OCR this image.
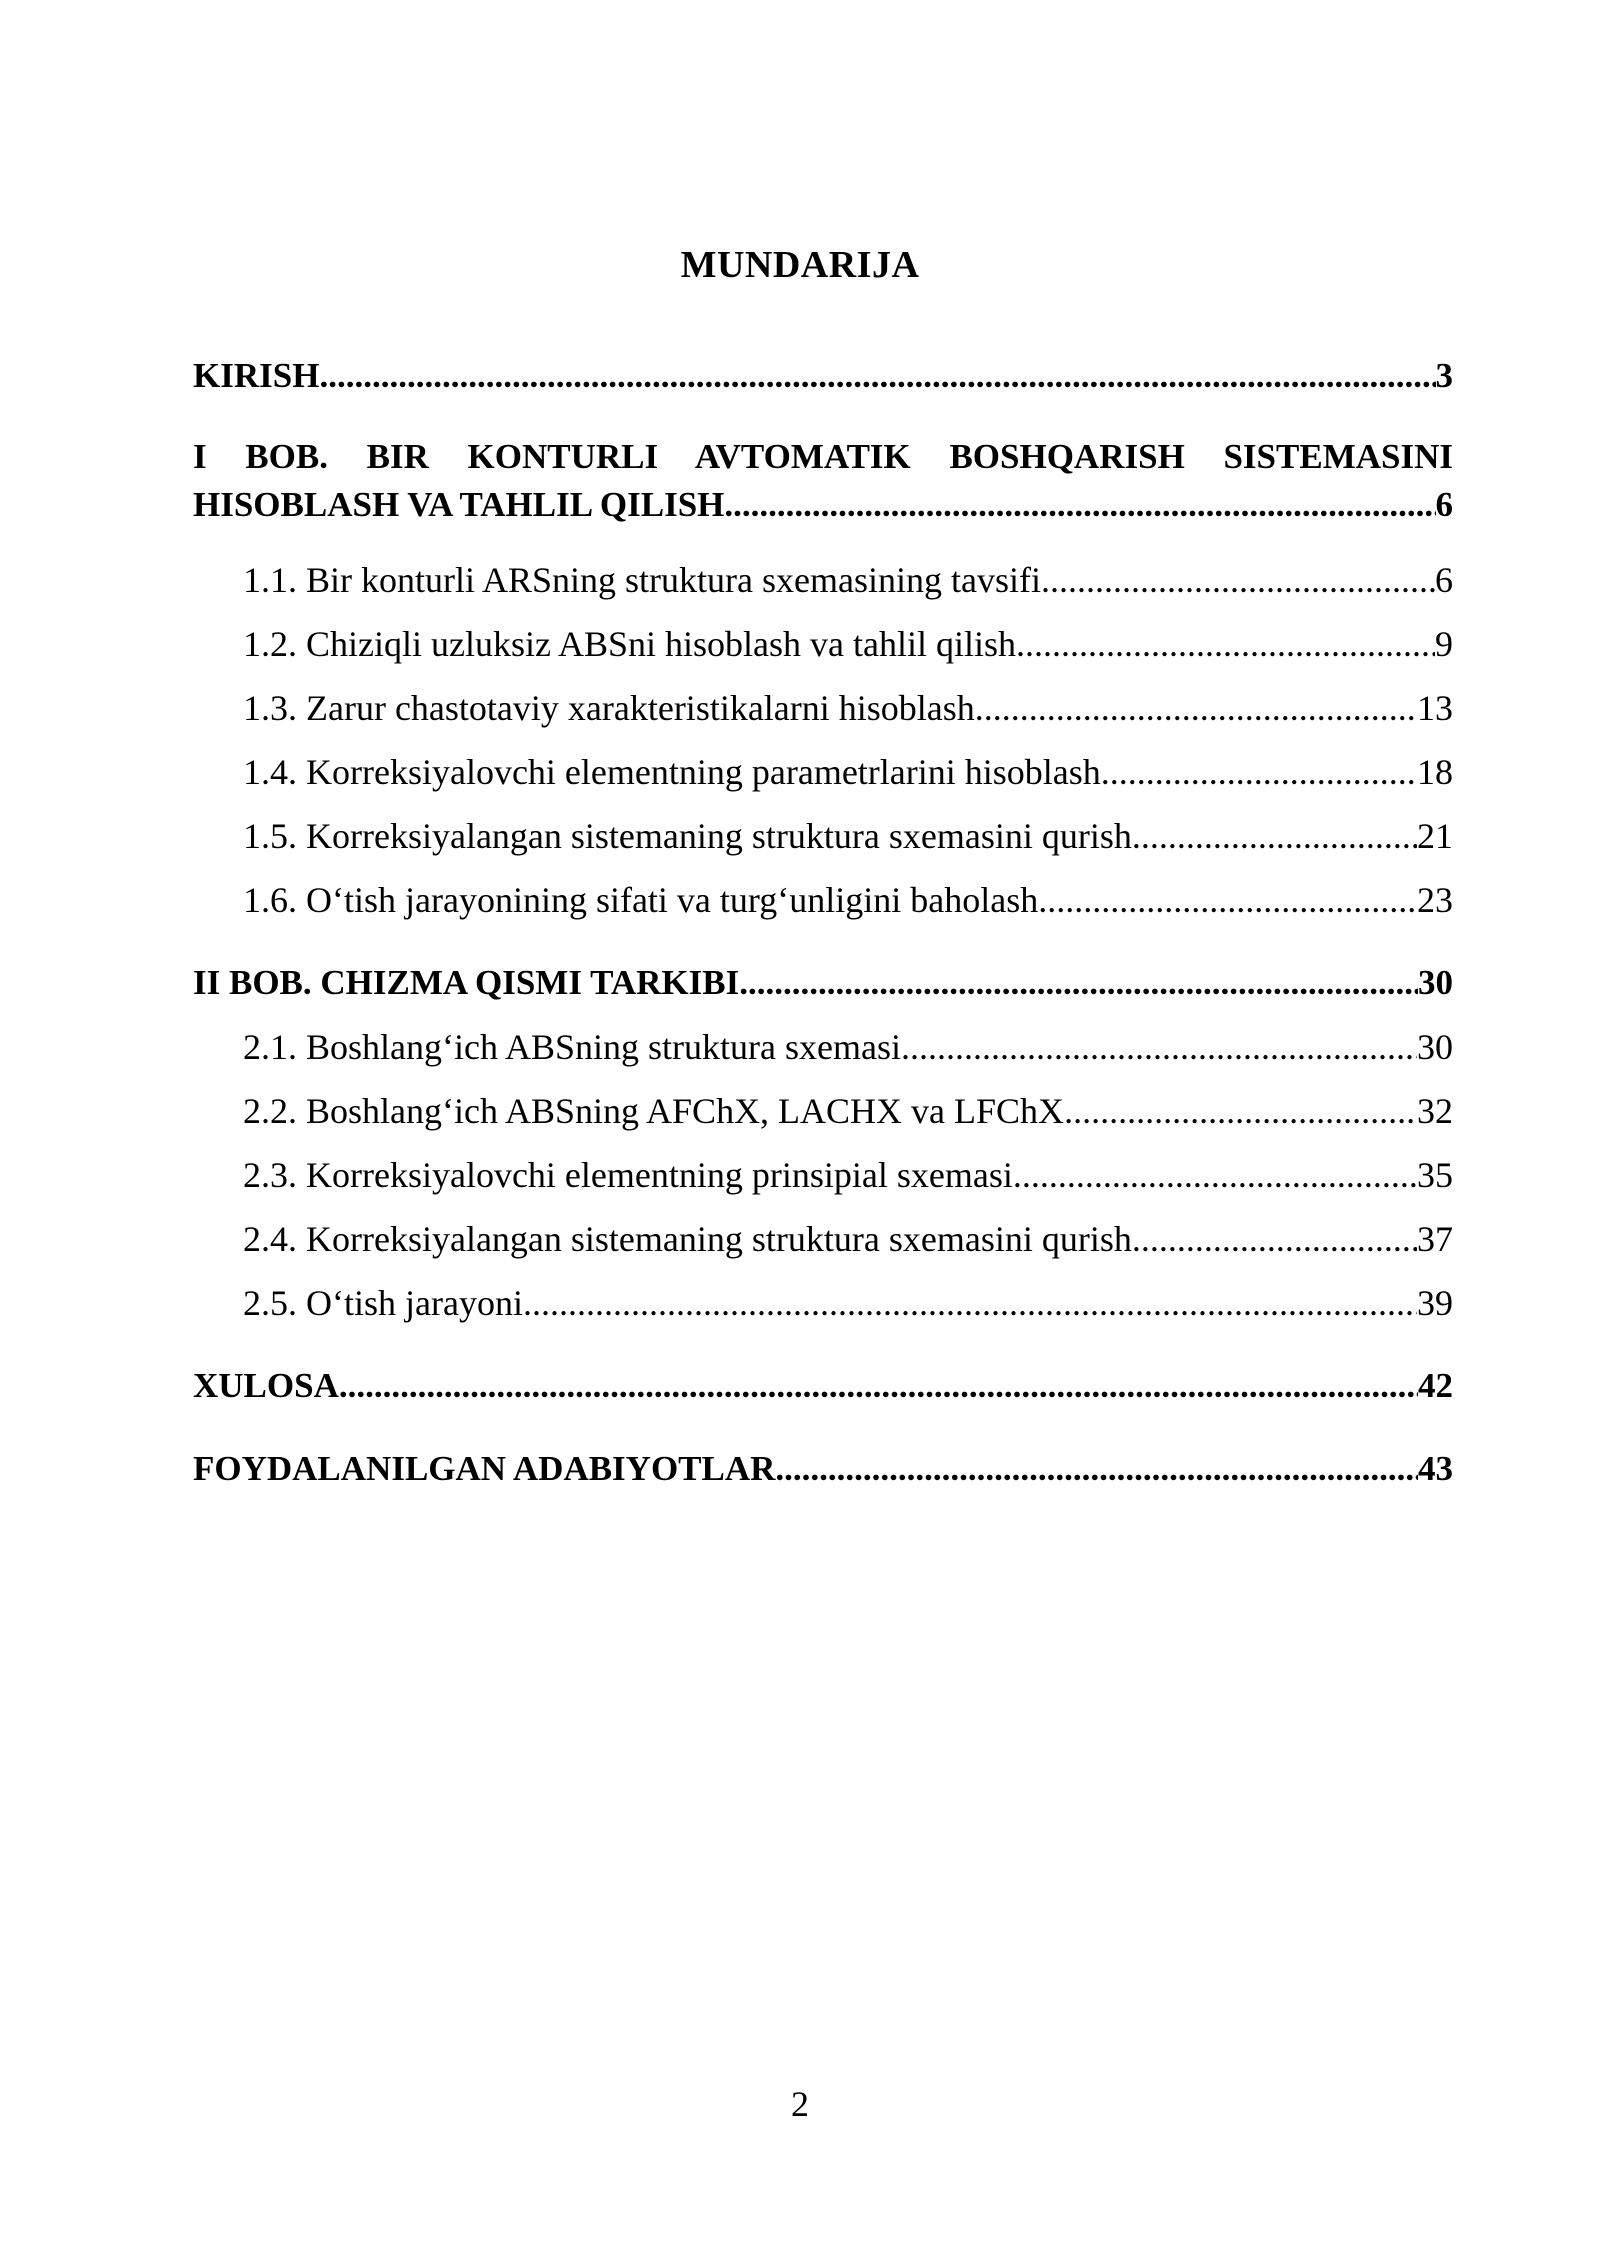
MUNDARIJA
KIRISH .....	3
I BOB. BIR KONTURLI AVTOMATIK BOSHQARISH SISTEMASINI
HISOBLASH VA TAHLIL QILISH .....	6
1.1. Bir konturli ARSning struktura sxemasining tavsifi .....	6
1.2. Chiziqli uzluksiz ABSni hisoblash va tahlil qilish .....	9
1.3. Zarur chastotaviy xarakteristikalarni hisoblash .....	13
1.4. Korreksiyalovchi elementning parametrlarini hisoblash .....	18
1.5. Korreksiyalangan sistemaning struktura sxemasini qurish .....	21
1.6. O‘tish jarayonining sifati va turg‘unligini baholash .....	23
II BOB. CHIZMA QISMI TARKIBI .....	30
2.1. Boshlang‘ich ABSning struktura sxemasi .....	30
2.2. Boshlang‘ich ABSning AFChX, LACHX va LFChX .....	32
2.3. Korreksiyalovchi elementning prinsipial sxemasi .....	35
2.4. Korreksiyalangan sistemaning struktura sxemasini qurish .....	37
2.5. O‘tish jarayoni .....	39
XULOSA .....	42
FOYDALANILGAN ADABIYOTLAR .....	43
2
